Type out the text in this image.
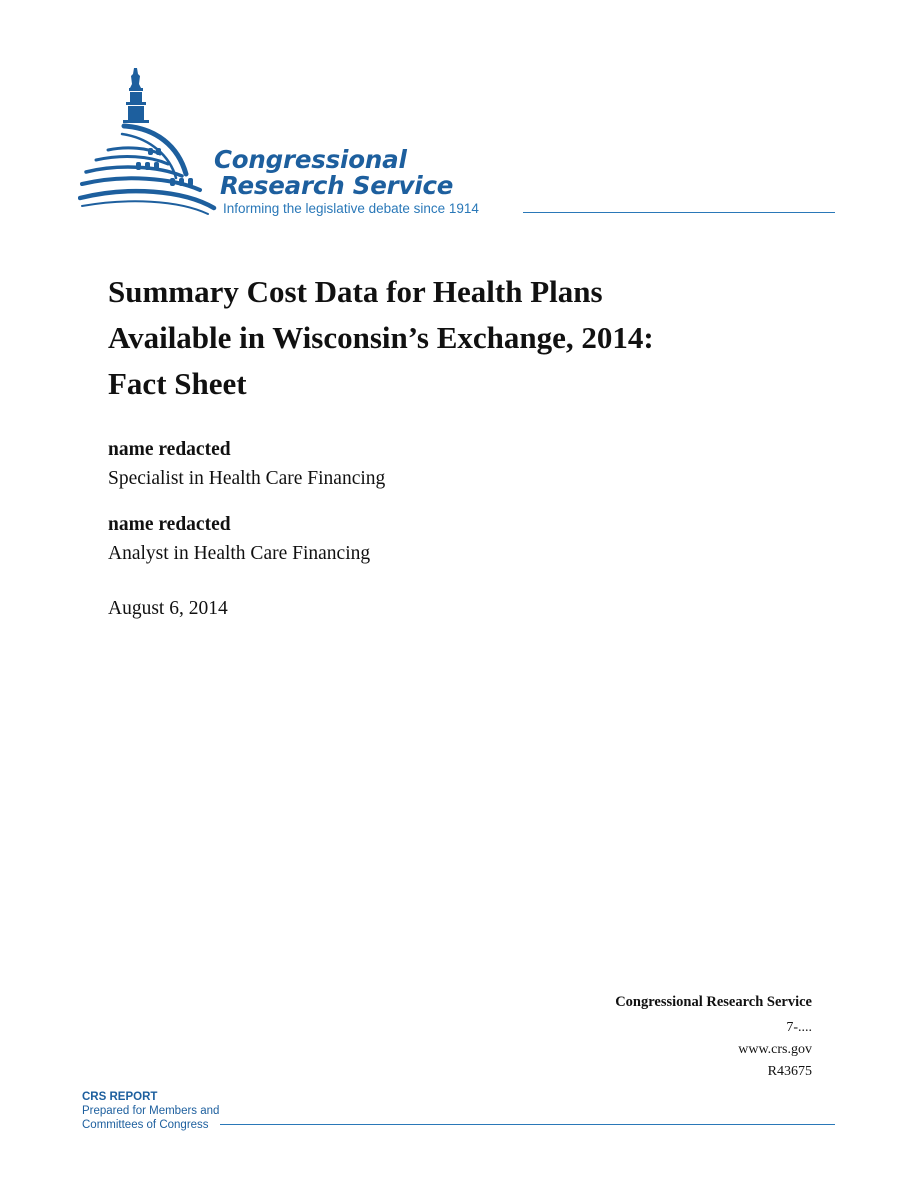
Congressional
Research Service
Informing the legislative debate since 1914
Summary Cost Data for Health Plans
Available in Wisconsin’s Exchange, 2014:
Fact Sheet
name redacted
Specialist in Health Care Financing
name redacted
Analyst in Health Care Financing
August 6, 2014
Congressional Research Service
7-....
www.crs.gov
R43675
CRS REPORT
Prepared for Members and
Committees of Congress
